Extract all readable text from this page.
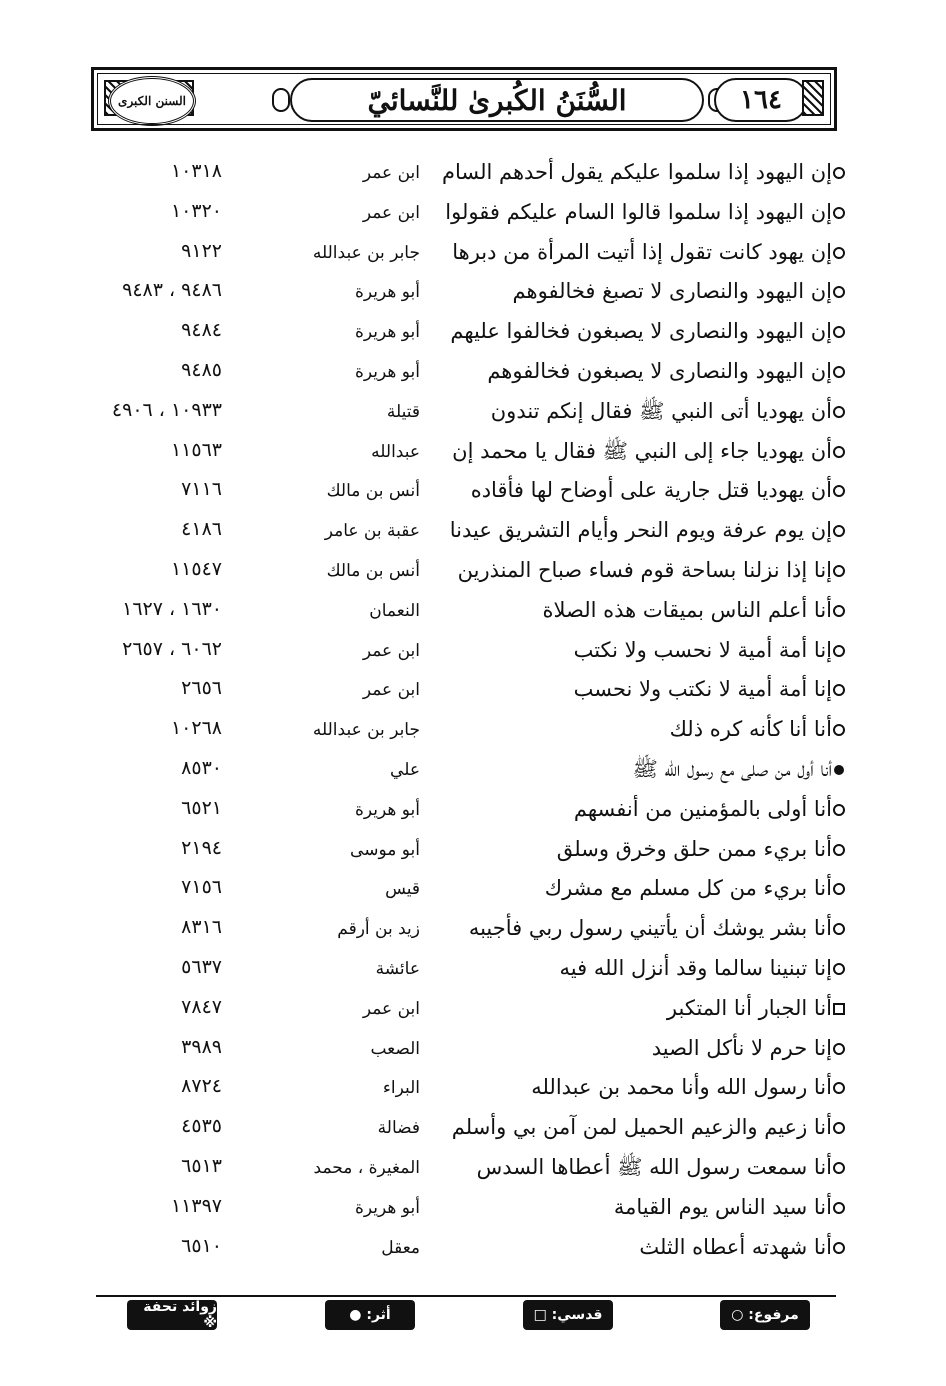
السنن الكبرى	السُّنَنُ الكُبرىٰ للنَّسائيّ	١٦٤
إن اليهود إذا سلموا عليكم يقول أحدهم السام
ابن عمر
١٠٣١٨
إن اليهود إذا سلموا قالوا السام عليكم فقولوا
ابن عمر
١٠٣٢٠
إن يهود كانت تقول إذا أتيت المرأة من دبرها
جابر بن عبدالله
٩١٢٢
إن اليهود والنصارى لا تصبغ فخالفوهم
أبو هريرة
٩٤٨٦ ، ٩٤٨٣
إن اليهود والنصارى لا يصبغون فخالفوا عليهم
أبو هريرة
٩٤٨٤
إن اليهود والنصارى لا يصبغون فخالفوهم
أبو هريرة
٩٤٨٥
أن يهوديا أتى النبي ﷺ فقال إنكم تندون
قتيلة
١٠٩٣٣ ، ٤٩٠٦
أن يهوديا جاء إلى النبي ﷺ فقال يا محمد إن
عبدالله
١١٥٦٣
أن يهوديا قتل جارية على أوضاح لها فأقاده
أنس بن مالك
٧١١٦
إن يوم عرفة ويوم النحر وأيام التشريق عيدنا
عقبة بن عامر
٤١٨٦
إنا إذا نزلنا بساحة قوم فساء صباح المنذرين
أنس بن مالك
١١٥٤٧
أنا أعلم الناس بميقات هذه الصلاة
النعمان
١٦٣٠ ، ١٦٢٧
إنا أمة أمية لا نحسب ولا نكتب
ابن عمر
٦٠٦٢ ، ٢٦٥٧
إنا أمة أمية لا نكتب ولا نحسب
ابن عمر
٢٦٥٦
أنا أنا كأنه كره ذلك
جابر بن عبدالله
١٠٢٦٨
أنا أول من صلى مع رسول الله ﷺ
علي
٨٥٣٠
أنا أولى بالمؤمنين من أنفسهم
أبو هريرة
٦٥٢١
أنا بريء ممن حلق وخرق وسلق
أبو موسى
٢١٩٤
أنا بريء من كل مسلم مع مشرك
قيس
٧١٥٦
أنا بشر يوشك أن يأتيني رسول ربي فأجيبه
زيد بن أرقم
٨٣١٦
إنا تبنينا سالما وقد أنزل الله فيه
عائشة
٥٦٣٧
أنا الجبار أنا المتكبر
ابن عمر
٧٨٤٧
إنا حرم لا نأكل الصيد
الصعب
٣٩٨٩
أنا رسول الله وأنا محمد بن عبدالله
البراء
٨٧٢٤
أنا زعيم والزعيم الحميل لمن آمن بي وأسلم
فضالة
٤٥٣٥
أنا سمعت رسول الله ﷺ أعطاها السدس
المغيرة ، محمد
٦٥١٣
أنا سيد الناس يوم القيامة
أبو هريرة
١١٣٩٧
أنا شهدته أعطاه الثلث
معقل
٦٥١٠
مرفوع: ○
قدسي: □
أثر: ●
زوائد تحفة ※
